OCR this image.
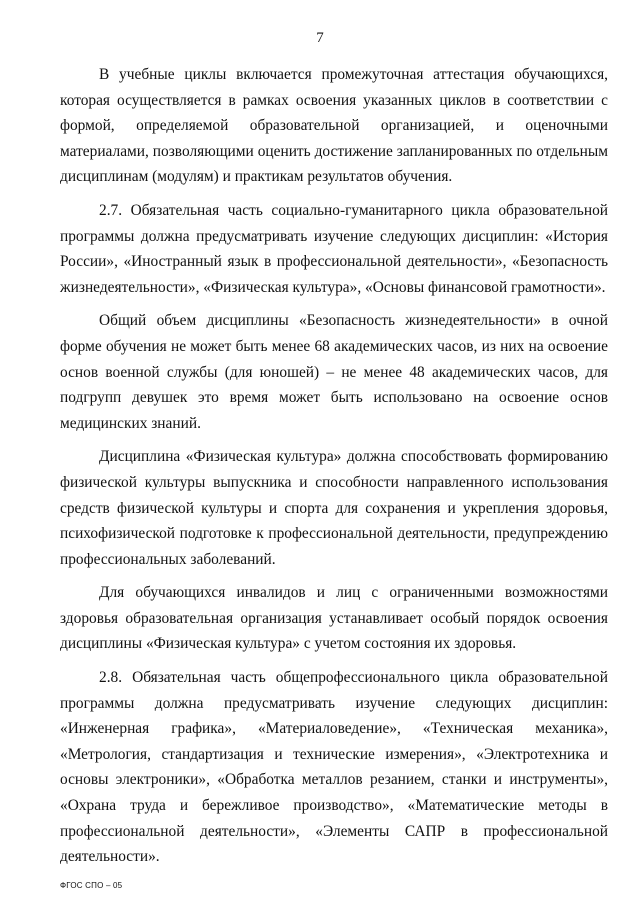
7

В учебные циклы включается промежуточная аттестация обучающихся, которая осуществляется в рамках освоения указанных циклов в соответствии с формой, определяемой образовательной организацией, и оценочными материалами, позволяющими оценить достижение запланированных по отдельным дисциплинам (модулям) и практикам результатов обучения.

2.7. Обязательная часть социально-гуманитарного цикла образовательной программы должна предусматривать изучение следующих дисциплин: «История России», «Иностранный язык в профессиональной деятельности», «Безопасность жизнедеятельности», «Физическая культура», «Основы финансовой грамотности».

Общий объем дисциплины «Безопасность жизнедеятельности» в очной форме обучения не может быть менее 68 академических часов, из них на освоение основ военной службы (для юношей) – не менее 48 академических часов, для подгрупп девушек это время может быть использовано на освоение основ медицинских знаний.

Дисциплина «Физическая культура» должна способствовать формированию физической культуры выпускника и способности направленного использования средств физической культуры и спорта для сохранения и укрепления здоровья, психофизической подготовке к профессиональной деятельности, предупреждению профессиональных заболеваний.

Для обучающихся инвалидов и лиц с ограниченными возможностями здоровья образовательная организация устанавливает особый порядок освоения дисциплины «Физическая культура» с учетом состояния их здоровья.

2.8. Обязательная часть общепрофессионального цикла образовательной программы должна предусматривать изучение следующих дисциплин: «Инженерная графика», «Материаловедение», «Техническая механика», «Метрология, стандартизация и технические измерения», «Электротехника и основы электроники», «Обработка металлов резанием, станки и инструменты», «Охрана труда и бережливое производство», «Математические методы в профессиональной деятельности», «Элементы САПР в профессиональной деятельности».

ФГОС СПО – 05
